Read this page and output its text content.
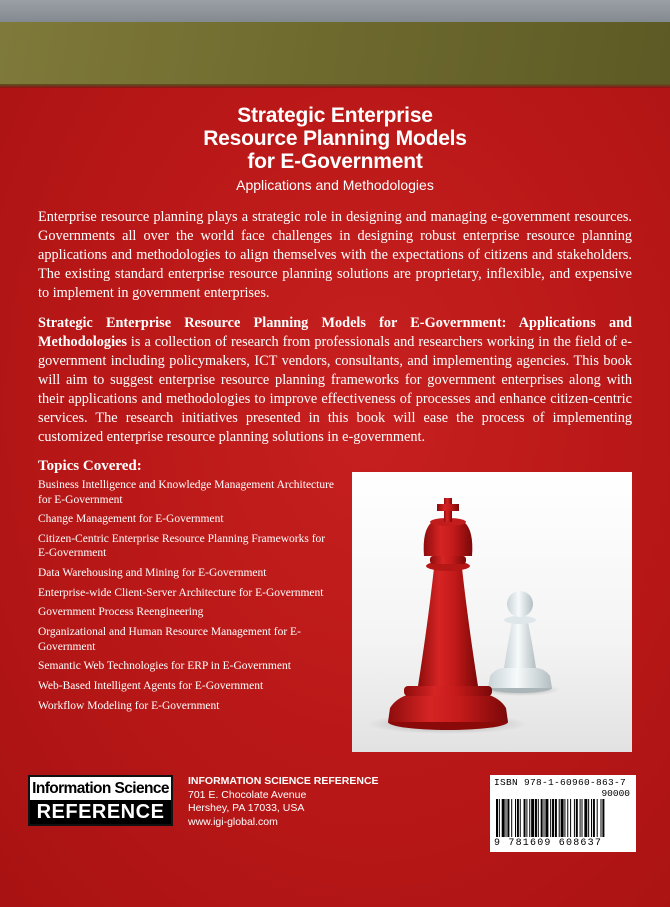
Strategic Enterprise
Resource Planning Models
for E-Government
Applications and Methodologies

Enterprise resource planning plays a strategic role in designing and managing e-government resources. Governments all over the world face challenges in designing robust enterprise resource planning applications and methodologies to align themselves with the expectations of citizens and stakeholders. The existing standard enterprise resource planning solutions are proprietary, inflexible, and expensive to implement in government enterprises.

Strategic Enterprise Resource Planning Models for E-Government: Applications and Methodologies is a collection of research from professionals and researchers working in the field of e-government including policymakers, ICT vendors, consultants, and implementing agencies. This book will aim to suggest enterprise resource planning frameworks for government enterprises along with their applications and methodologies to improve effectiveness of processes and enhance citizen-centric services. The research initiatives presented in this book will ease the process of implementing customized enterprise resource planning solutions in e-government.

Topics Covered:
Business Intelligence and Knowledge Management Architecture for E-Government
Change Management for E-Government
Citizen-Centric Enterprise Resource Planning Frameworks for E-Government
Data Warehousing and Mining for E-Government
Enterprise-wide Client-Server Architecture for E-Government
Government Process Reengineering
Organizational and Human Resource Management for E-Government
Semantic Web Technologies for ERP in E-Government
Web-Based Intelligent Agents for E-Government
Workflow Modeling for E-Government
Information Science
REFERENCE
INFORMATION SCIENCE REFERENCE
701 E. Chocolate Avenue
Hershey, PA 17033, USA
www.igi-global.com
ISBN 978-1-60960-863-7
90000
9 781609 608637
